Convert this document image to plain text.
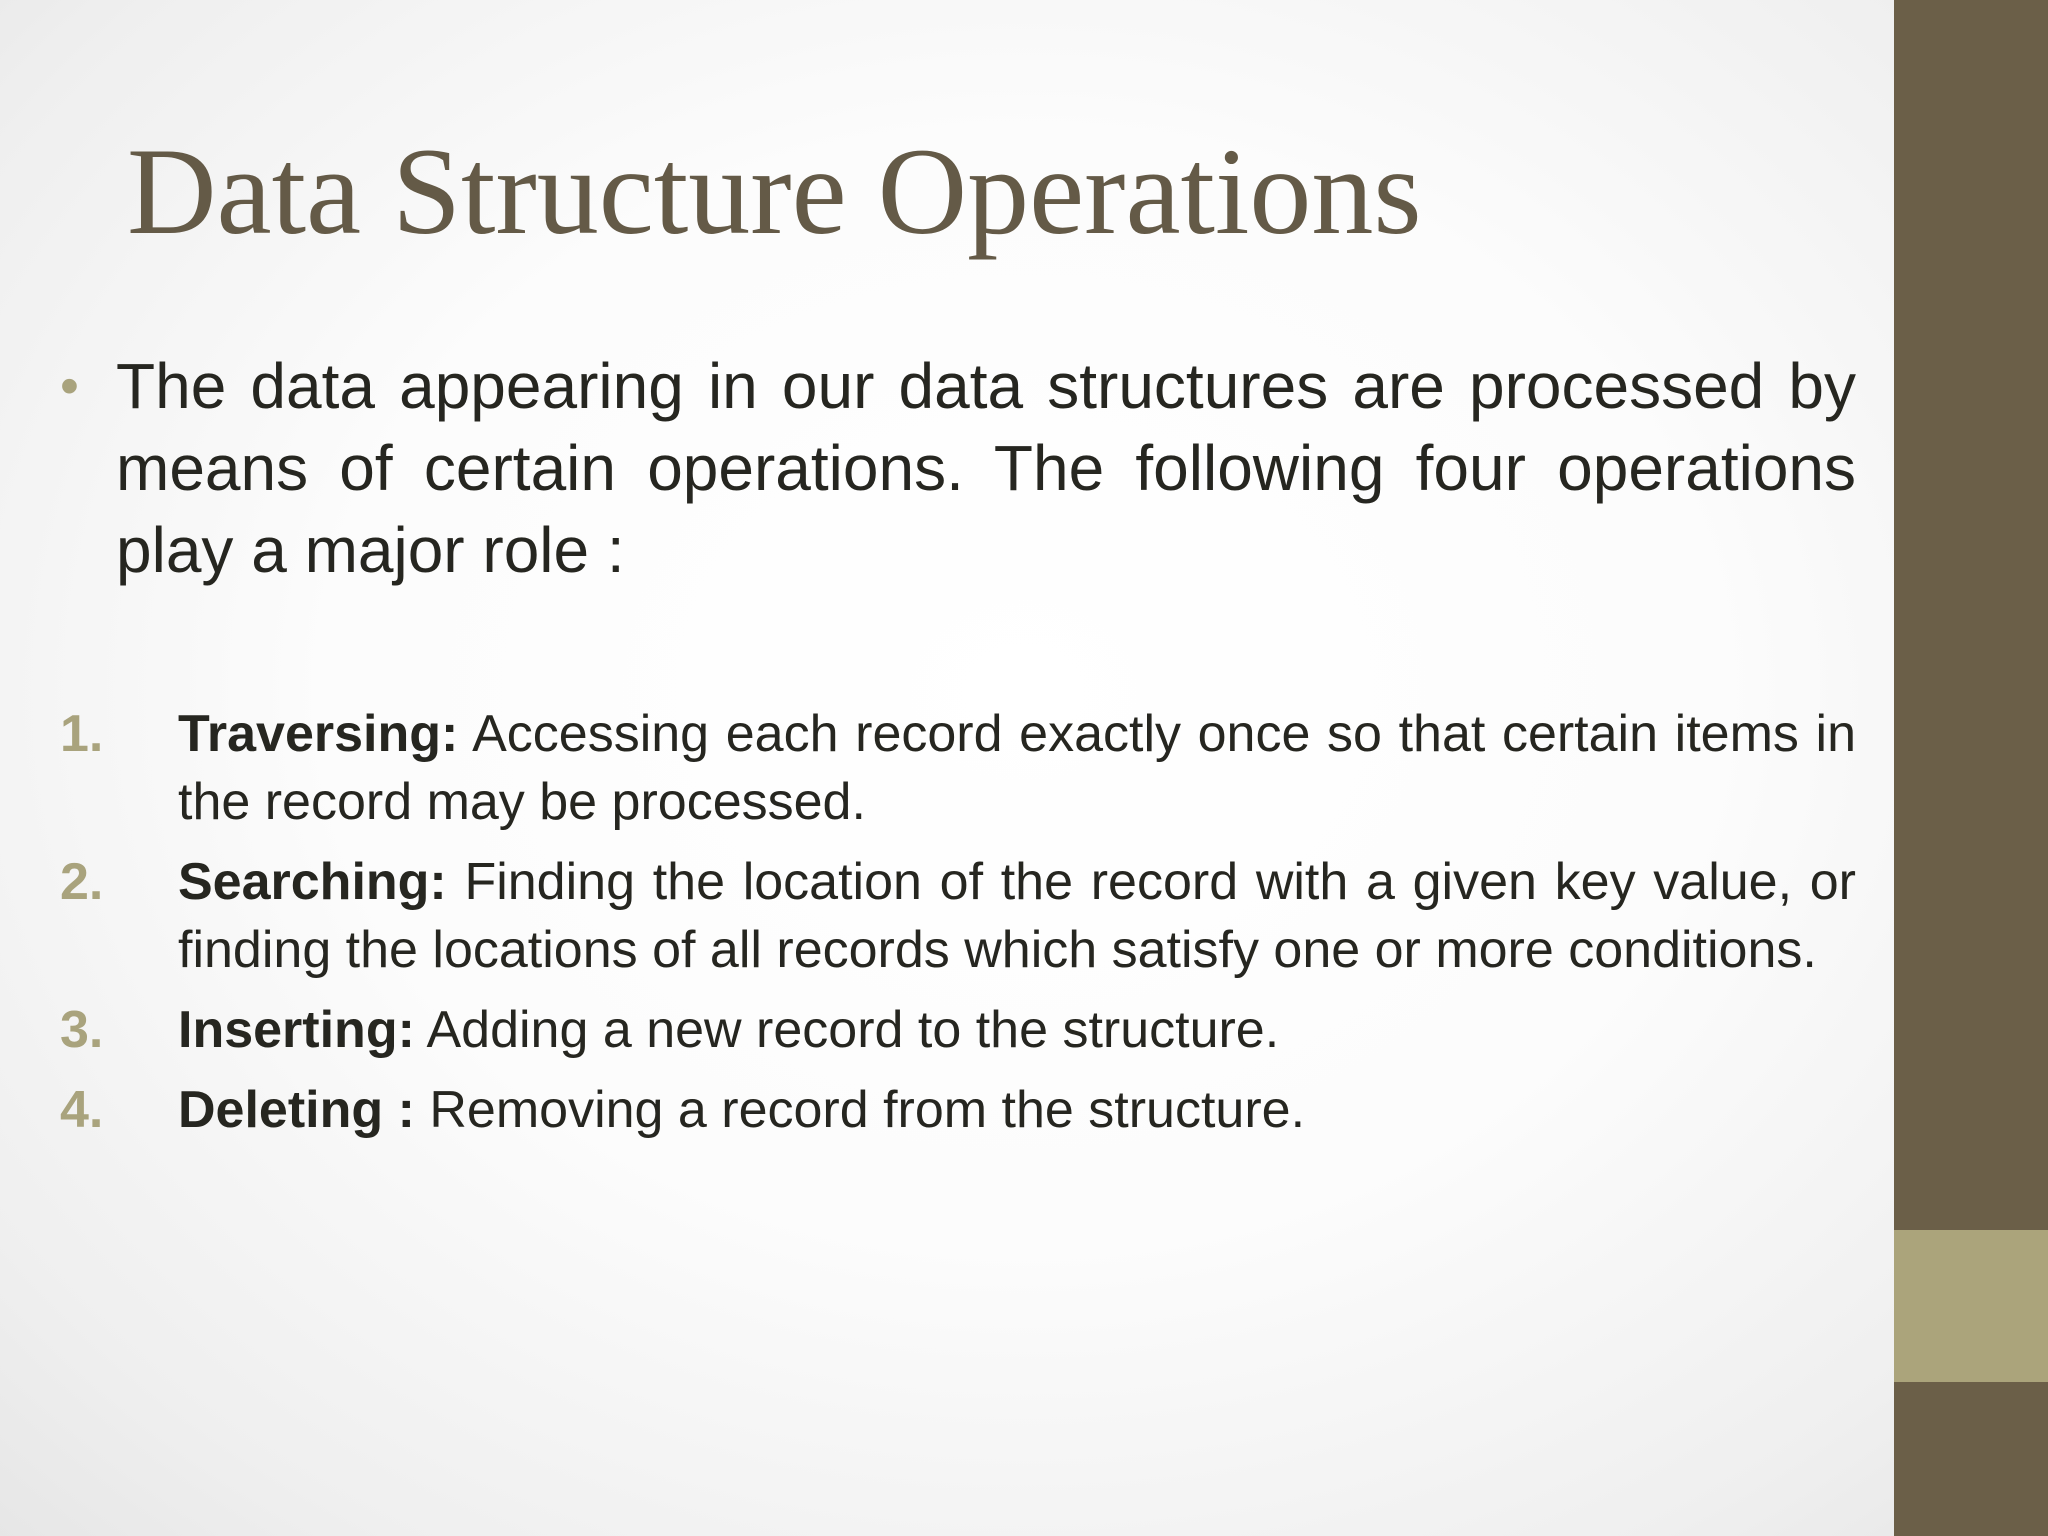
Data Structure Operations
• The data appearing in our data structures are processed by means of certain operations. The following four operations play a major role :

1. Traversing: Accessing each record exactly once so that certain items in the record may be processed.
2. Searching: Finding the location of the record with a given key value, or finding the locations of all records which satisfy one or more conditions.
3. Inserting: Adding a new record to the structure.
4. Deleting : Removing a record from the structure.
